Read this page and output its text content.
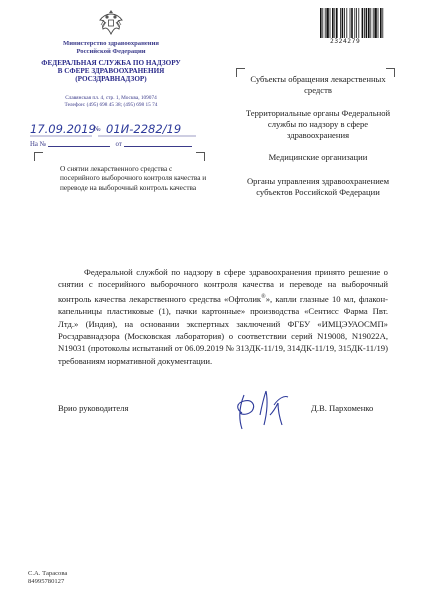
Министерство здравоохранения Российской Федерации
ФЕДЕРАЛЬНАЯ СЛУЖБА ПО НАДЗОРУ
В СФЕРЕ ЗДРАВООХРАНЕНИЯ
(РОСЗДРАВНАДЗОР)
Славянская пл. 4, стр. 1, Москва, 109074
Телефон: (495) 698 45 38; (495) 698 15 74
17.09.2019
№ 01И-2282/19
На №	от
2324279
Субъекты обращения лекарственных средств
Территориальные органы Федеральной службы по надзору в сфере здравоохранения
Медицинские организации
Органы управления здравоохранением субъектов Российской Федерации
О снятии лекарственного средства с посерийного выборочного контроля качества и переводе на выборочный контроль качества
Федеральной службой по надзору в сфере здравоохранения принято решение о снятии с посерийного выборочного контроля качества и переводе на выборочный контроль качества лекарственного средства «Офтолик®», капли глазные 10 мл, флакон-капельницы пластиковые (1), пачки картонные» производства «Сентисс Фарма Пвт. Лтд.» (Индия), на основании экспертных заключений ФГБУ «ИМЦЭУАОСМП» Росздравнадзора (Московская лаборатория) о соответствии серий N19008, N19022А, N19031 (протоколы испытаний от 06.09.2019 № 313ДК-11/19, 314ДК-11/19, 315ДК-11/19) требованиям нормативной документации.
Врио руководителя	Д.В. Пархоменко
С.А. Тарасова
84995780127
